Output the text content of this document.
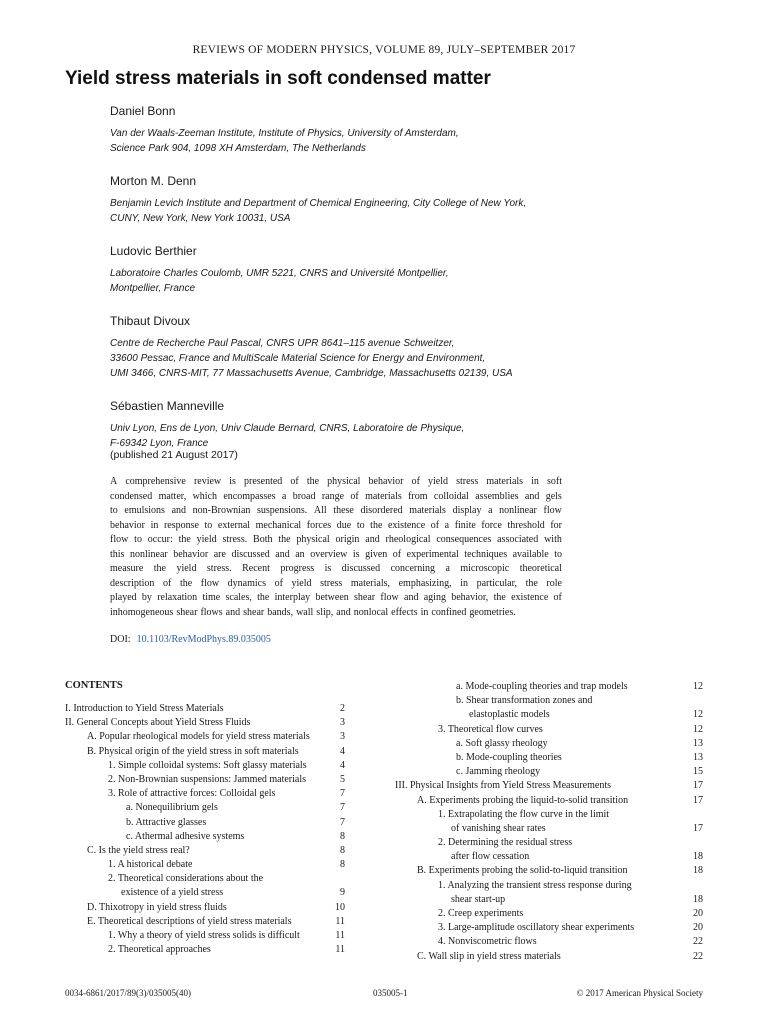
REVIEWS OF MODERN PHYSICS, VOLUME 89, JULY–SEPTEMBER 2017
Yield stress materials in soft condensed matter
Daniel Bonn
Van der Waals-Zeeman Institute, Institute of Physics, University of Amsterdam,
Science Park 904, 1098 XH Amsterdam, The Netherlands
Morton M. Denn
Benjamin Levich Institute and Department of Chemical Engineering, City College of New York,
CUNY, New York, New York 10031, USA
Ludovic Berthier
Laboratoire Charles Coulomb, UMR 5221, CNRS and Université Montpellier,
Montpellier, France
Thibaut Divoux
Centre de Recherche Paul Pascal, CNRS UPR 8641–115 avenue Schweitzer,
33600 Pessac, France and MultiScale Material Science for Energy and Environment,
UMI 3466, CNRS-MIT, 77 Massachusetts Avenue, Cambridge, Massachusetts 02139, USA
Sébastien Manneville
Univ Lyon, Ens de Lyon, Univ Claude Bernard, CNRS, Laboratoire de Physique,
F-69342 Lyon, France
(published 21 August 2017)
A comprehensive review is presented of the physical behavior of yield stress materials in soft
condensed matter, which encompasses a broad range of materials from colloidal assemblies and gels
to emulsions and non-Brownian suspensions. All these disordered materials display a nonlinear flow
behavior in response to external mechanical forces due to the existence of a finite force threshold for
flow to occur: the yield stress. Both the physical origin and rheological consequences associated with
this nonlinear behavior are discussed and an overview is given of experimental techniques available to
measure the yield stress. Recent progress is discussed concerning a microscopic theoretical
description of the flow dynamics of yield stress materials, emphasizing, in particular, the role
played by relaxation time scales, the interplay between shear flow and aging behavior, the existence of
inhomogeneous shear flows and shear bands, wall slip, and nonlocal effects in confined geometries.
DOI: 10.1103/RevModPhys.89.035005
CONTENTS
I. Introduction to Yield Stress Materials	2
II. General Concepts about Yield Stress Fluids	3
A. Popular rheological models for yield stress materials	3
B. Physical origin of the yield stress in soft materials	4
1. Simple colloidal systems: Soft glassy materials	4
2. Non-Brownian suspensions: Jammed materials	5
3. Role of attractive forces: Colloidal gels	7
a. Nonequilibrium gels	7
b. Attractive glasses	7
c. Athermal adhesive systems	8
C. Is the yield stress real?	8
1. A historical debate	8
2. Theoretical considerations about the
existence of a yield stress	9
D. Thixotropy in yield stress fluids	10
E. Theoretical descriptions of yield stress materials	11
1. Why a theory of yield stress solids is difficult	11
2. Theoretical approaches	11
a. Mode-coupling theories and trap models	12
b. Shear transformation zones and
elastoplastic models	12
3. Theoretical flow curves	12
a. Soft glassy rheology	13
b. Mode-coupling theories	13
c. Jamming rheology	15
III. Physical Insights from Yield Stress Measurements	17
A. Experiments probing the liquid-to-solid transition	17
1. Extrapolating the flow curve in the limit
of vanishing shear rates	17
2. Determining the residual stress
after flow cessation	18
B. Experiments probing the solid-to-liquid transition	18
1. Analyzing the transient stress response during
shear start-up	18
2. Creep experiments	20
3. Large-amplitude oscillatory shear experiments	20
4. Nonviscometric flows	22
C. Wall slip in yield stress materials	22
0034-6861/2017/89(3)/035005(40)	035005-1	© 2017 American Physical Society
